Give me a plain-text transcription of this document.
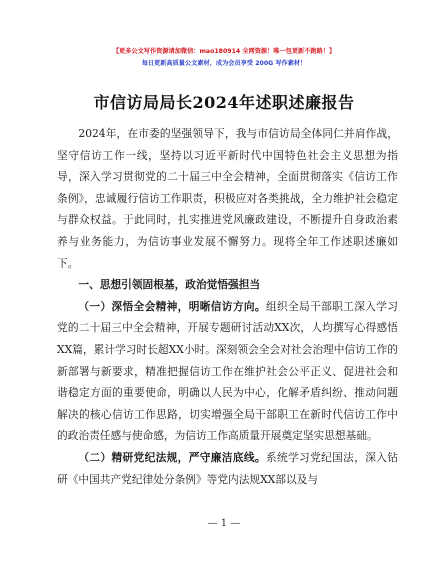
【更多公文写作资源请加微信：mao180914 全网资源！唯一包更新不跑路！】
每日更新高质量公文素材，成为会员享受 200G 写作素材！
市信访局局长2024年述职述廉报告

2024年，在市委的坚强领导下，我与市信访局全体同仁并肩作战，坚守信访工作一线，坚持以习近平新时代中国特色社会主义思想为指导，深入学习贯彻党的二十届三中全会精神，全面贯彻落实《信访工作条例》，忠诚履行信访工作职责，积极应对各类挑战，全力维护社会稳定与群众权益。于此同时，扎实推进党风廉政建设，不断提升自身政治素养与业务能力，为信访事业发展不懈努力。现将全年工作述职述廉如下。

一、思想引领固根基，政治觉悟强担当

（一）深悟全会精神，明晰信访方向。组织全局干部职工深入学习党的二十届三中全会精神，开展专题研讨活动XX次，人均撰写心得感悟XX篇，累计学习时长超XX小时。深刻领会全会对社会治理中信访工作的新部署与新要求，精准把握信访工作在维护社会公平正义、促进社会和谐稳定方面的重要使命，明确以人民为中心，化解矛盾纠纷、推动问题解决的核心信访工作思路，切实增强全局干部职工在新时代信访工作中的政治责任感与使命感，为信访工作高质量开展奠定坚实思想基础。

（二）精研党纪法规，严守廉洁底线。系统学习党纪国法，深入钻研《中国共产党纪律处分条例》等党内法规XX部以及与

— 1 —
